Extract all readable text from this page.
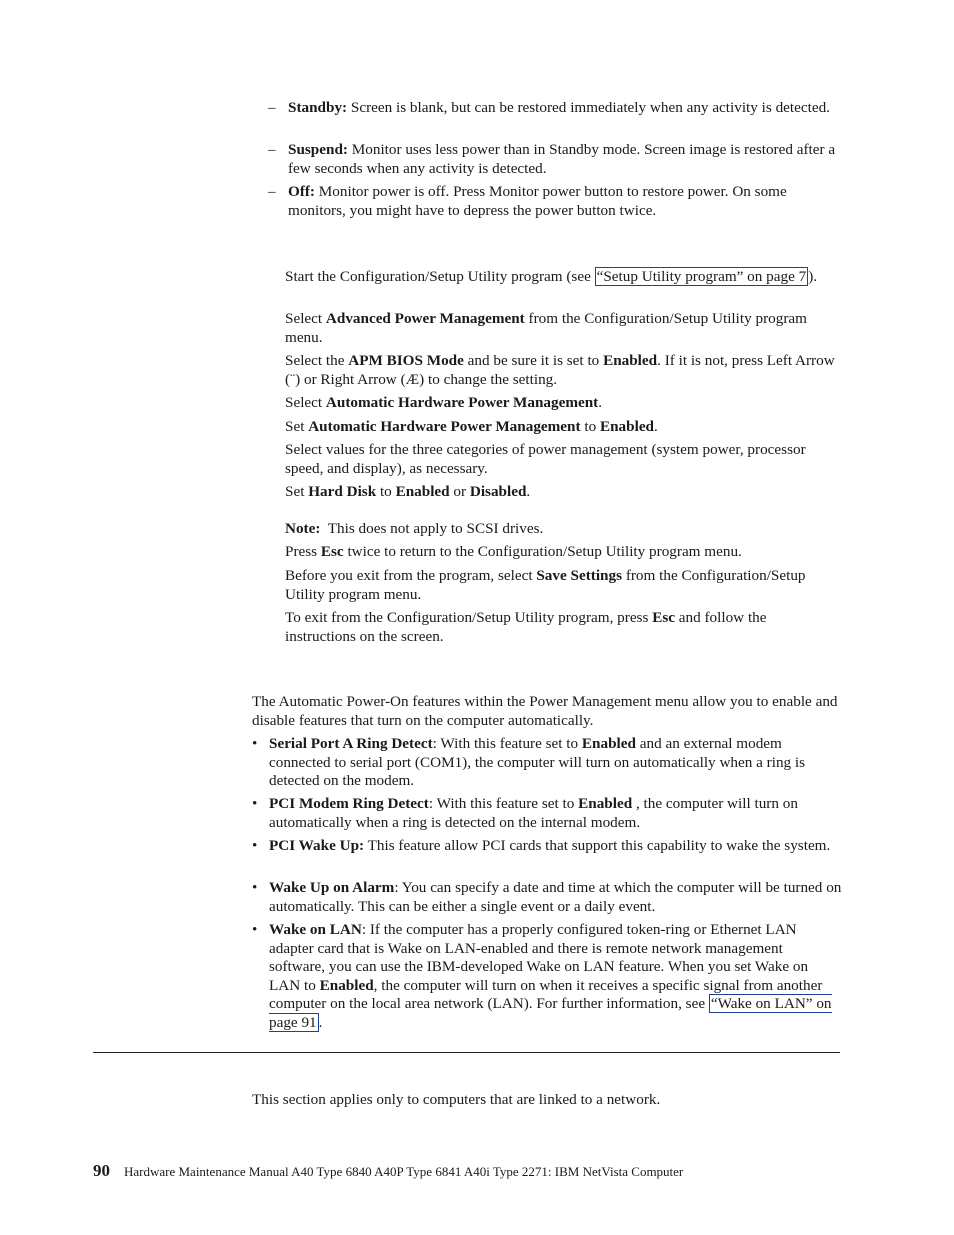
– Standby: Screen is blank, but can be restored immediately when any activity is detected.
– Suspend: Monitor uses less power than in Standby mode. Screen image is restored after a few seconds when any activity is detected.
– Off: Monitor power is off. Press Monitor power button to restore power. On some monitors, you might have to depress the power button twice.
Start the Configuration/Setup Utility program (see “Setup Utility program” on page 7 ).
Select Advanced Power Management from the Configuration/Setup Utility program menu.
Select the APM BIOS Mode and be sure it is set to Enabled. If it is not, press Left Arrow (¨) or Right Arrow (Æ) to change the setting.
Select Automatic Hardware Power Management.
Set Automatic Hardware Power Management to Enabled.
Select values for the three categories of power management (system power, processor speed, and display), as necessary.
Set Hard Disk to Enabled or Disabled.
Note:  This does not apply to SCSI drives.
Press Esc twice to return to the Configuration/Setup Utility program menu.
Before you exit from the program, select Save Settings from the Configuration/Setup Utility program menu.
To exit from the Configuration/Setup Utility program, press Esc and follow the instructions on the screen.
The Automatic Power-On features within the Power Management menu allow you to enable and disable features that turn on the computer automatically.
• Serial Port A Ring Detect: With this feature set to Enabled and an external modem connected to serial port (COM1), the computer will turn on automatically when a ring is detected on the modem.
• PCI Modem Ring Detect: With this feature set to Enabled , the computer will turn on automatically when a ring is detected on the internal modem.
• PCI Wake Up: This feature allow PCI cards that support this capability to wake the system.
• Wake Up on Alarm: You can specify a date and time at which the computer will be turned on automatically. This can be either a single event or a daily event.
• Wake on LAN: If the computer has a properly configured token-ring or Ethernet LAN adapter card that is Wake on LAN-enabled and there is remote network management software, you can use the IBM-developed Wake on LAN feature. When you set Wake on LAN to Enabled, the computer will turn on when it receives a specific signal from another computer on the local area network (LAN). For further information, see “Wake on LAN” on page 91 .
This section applies only to computers that are linked to a network.
90 Hardware Maintenance Manual A40 Type 6840 A40P Type 6841 A40i Type 2271: IBM NetVista Computer
